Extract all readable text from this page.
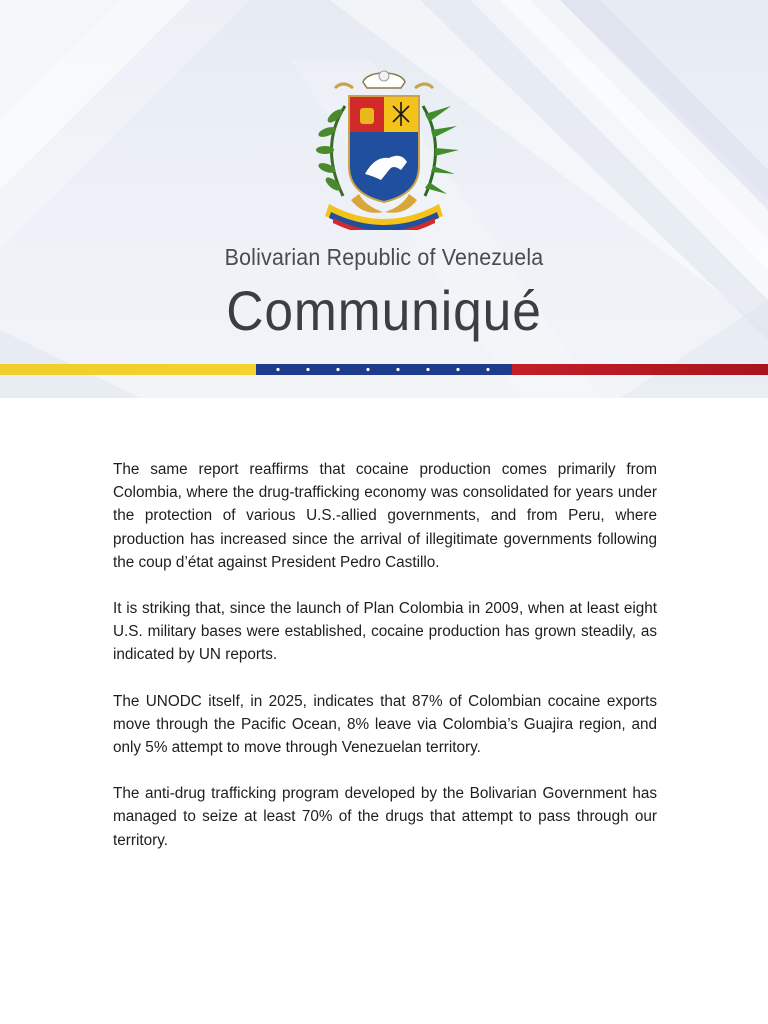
Bolivarian Republic of Venezuela
Communiqué

The same report reaffirms that cocaine production comes primarily from Colombia, where the drug-trafficking economy was consolidated for years under the protection of various U.S.-allied governments, and from Peru, where production has increased since the arrival of illegitimate governments following the coup d’état against President Pedro Castillo.

It is striking that, since the launch of Plan Colombia in 2009, when at least eight U.S. military bases were established, cocaine production has grown steadily, as indicated by UN reports.

The UNODC itself, in 2025, indicates that 87% of Colombian cocaine exports move through the Pacific Ocean, 8% leave via Colombia’s Guajira region, and only 5% attempt to move through Venezuelan territory.

The anti-drug trafficking program developed by the Bolivarian Government has managed to seize at least 70% of the drugs that attempt to pass through our territory.
